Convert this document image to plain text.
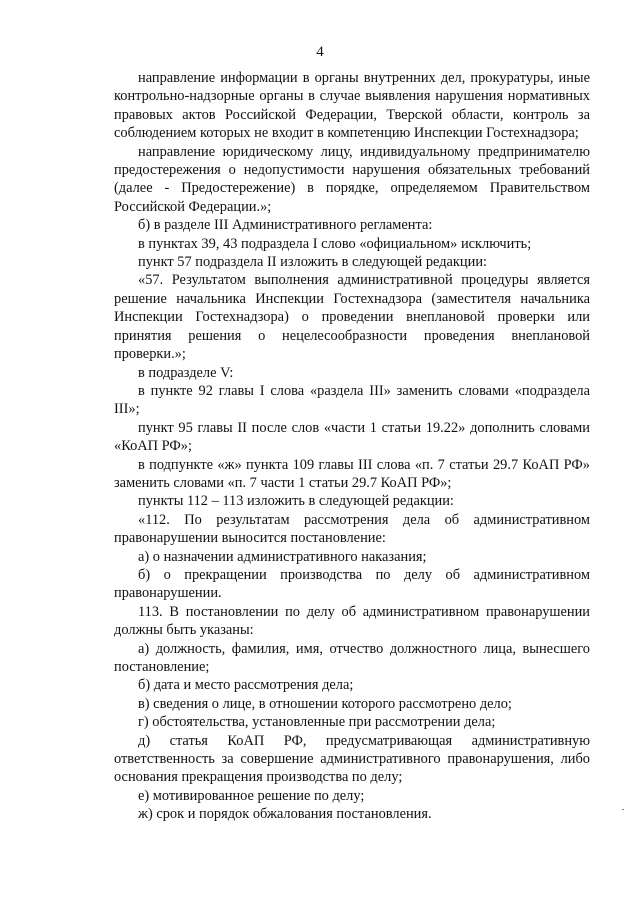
4

направление информации в органы внутренних дел, прокуратуры, иные контрольно-надзорные органы в случае выявления нарушения нормативных правовых актов Российской Федерации, Тверской области, контроль за соблюдением которых не входит в компетенцию Инспекции Гостехнадзора;

направление юридическому лицу, индивидуальному предпринимателю предостережения о недопустимости нарушения обязательных требований (далее - Предостережение) в порядке, определяемом Правительством Российской Федерации.»;

б) в разделе III Административного регламента:

в пунктах 39, 43 подраздела I слово «официальном» исключить;

пункт 57 подраздела II изложить в следующей редакции:

«57. Результатом выполнения административной процедуры является решение начальника Инспекции Гостехнадзора (заместителя начальника Инспекции Гостехнадзора) о проведении внеплановой проверки или принятия решения о нецелесообразности проведения внеплановой проверки.»;

в подразделе V:

в пункте 92 главы I слова «раздела III» заменить словами «подраздела III»;

пункт 95 главы II после слов «части 1 статьи 19.22» дополнить словами «КоАП РФ»;

в подпункте «ж» пункта 109 главы III слова «п. 7 статьи 29.7 КоАП РФ» заменить словами «п. 7 части 1 статьи 29.7 КоАП РФ»;

пункты 112 – 113 изложить в следующей редакции:

«112. По результатам рассмотрения дела об административном правонарушении выносится постановление:

а) о назначении административного наказания;

б) о прекращении производства по делу об административном правонарушении.

113. В постановлении по делу об административном правонарушении должны быть указаны:

а) должность, фамилия, имя, отчество должностного лица, вынесшего постановление;

б) дата и место рассмотрения дела;

в) сведения о лице, в отношении которого рассмотрено дело;

г) обстоятельства, установленные при рассмотрении дела;

д) статья КоАП РФ, предусматривающая административную ответственность за совершение административного правонарушения, либо основания прекращения производства по делу;

е) мотивированное решение по делу;

ж) срок и порядок обжалования постановления.
